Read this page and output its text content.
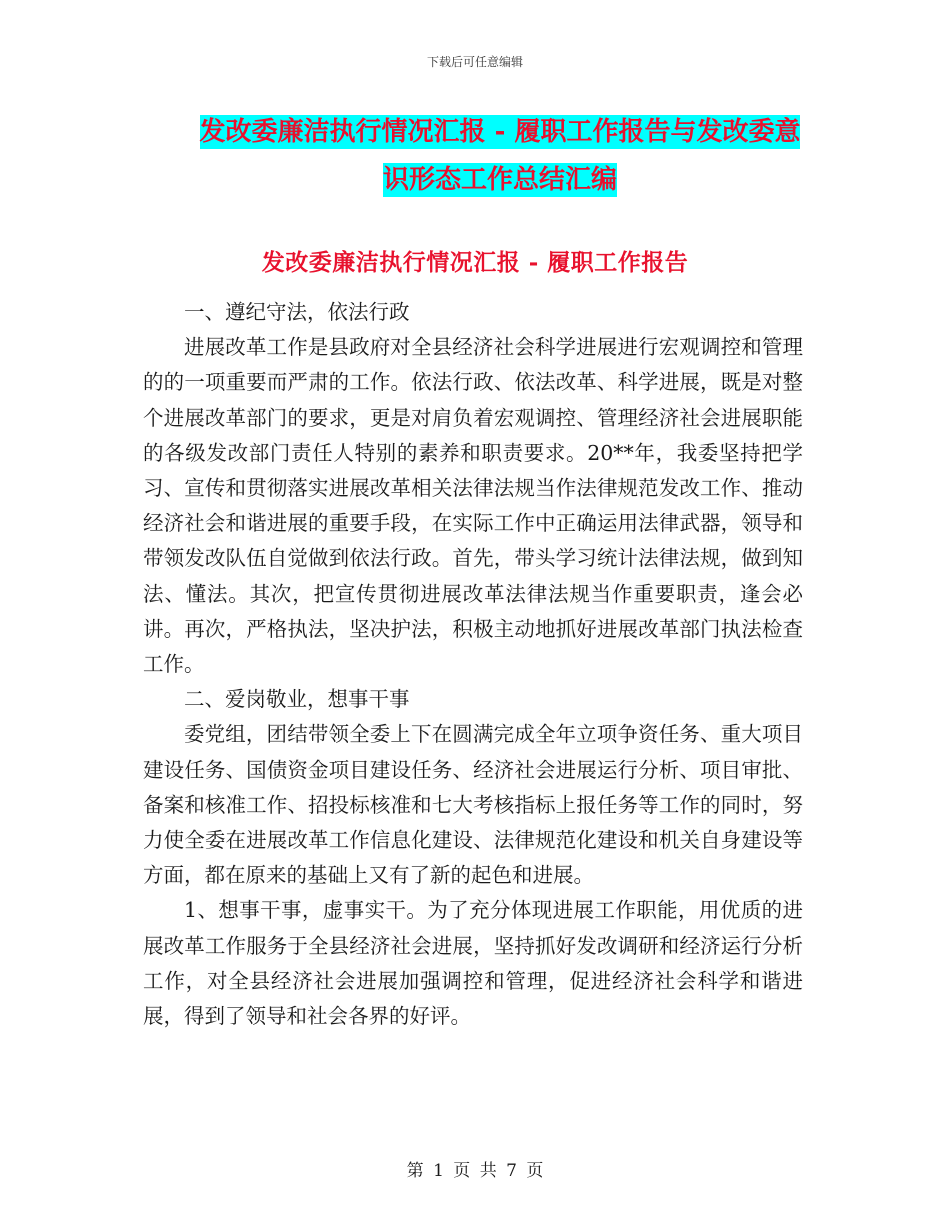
下载后可任意编辑
发改委廉洁执行情况汇报 - 履职工作报告与发改委意
识形态工作总结汇编
发改委廉洁执行情况汇报 - 履职工作报告

一、遵纪守法，依法行政

进展改革工作是县政府对全县经济社会科学进展进行宏观调控和管理的的一项重要而严肃的工作。依法行政、依法改革、科学进展，既是对整个进展改革部门的要求，更是对肩负着宏观调控、管理经济社会进展职能的各级发改部门责任人特别的素养和职责要求。20**年，我委坚持把学习、宣传和贯彻落实进展改革相关法律法规当作法律规范发改工作、推动经济社会和谐进展的重要手段，在实际工作中正确运用法律武器，领导和带领发改队伍自觉做到依法行政。首先，带头学习统计法律法规，做到知法、懂法。其次，把宣传贯彻进展改革法律法规当作重要职责，逢会必讲。再次，严格执法，坚决护法，积极主动地抓好进展改革部门执法检查工作。

二、爱岗敬业，想事干事

委党组，团结带领全委上下在圆满完成全年立项争资任务、重大项目建设任务、国债资金项目建设任务、经济社会进展运行分析、项目审批、备案和核准工作、招投标核准和七大考核指标上报任务等工作的同时，努力使全委在进展改革工作信息化建设、法律规范化建设和机关自身建设等方面，都在原来的基础上又有了新的起色和进展。

1、想事干事，虚事实干。为了充分体现进展工作职能，用优质的进展改革工作服务于全县经济社会进展，坚持抓好发改调研和经济运行分析工作，对全县经济社会进展加强调控和管理，促进经济社会科学和谐进展，得到了领导和社会各界的好评。

第 1 页 共 7 页
